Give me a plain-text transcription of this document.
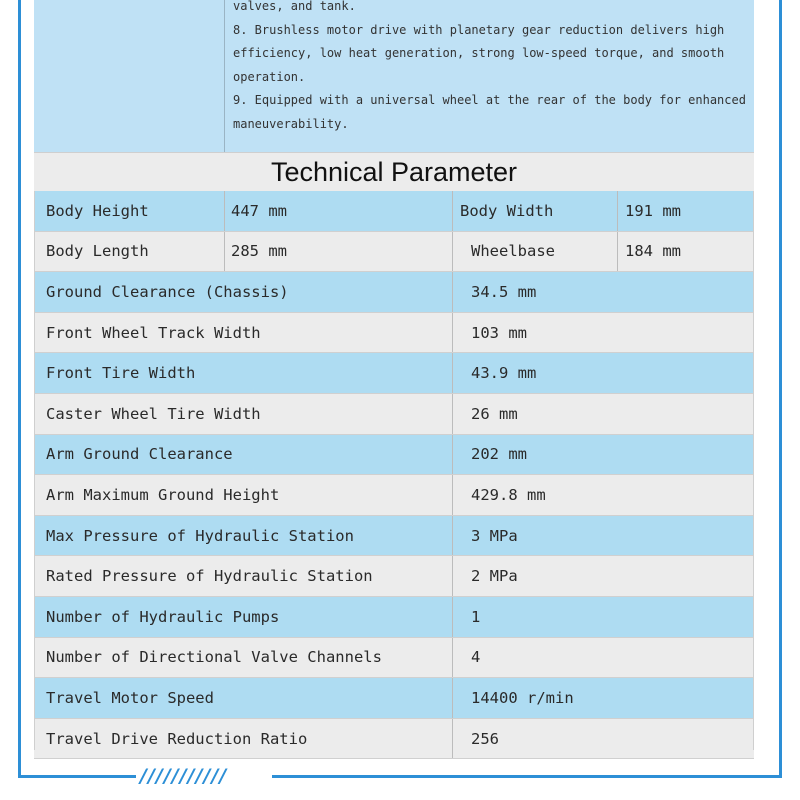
valves, and tank.
8. Brushless motor drive with planetary gear reduction delivers high efficiency, low heat generation, strong low-speed torque, and smooth operation.
9. Equipped with a universal wheel at the rear of the body for enhanced maneuverability.
Technical Parameter
Body Height	447 mm	Body Width	191 mm
Body Length	285 mm	Wheelbase	184 mm
Ground Clearance (Chassis)	34.5 mm
Front Wheel Track Width	103 mm
Front Tire Width	43.9 mm
Caster Wheel Tire Width	26 mm
Arm Ground Clearance	202 mm
Arm Maximum Ground Height	429.8 mm
Max Pressure of Hydraulic Station	3 MPa
Rated Pressure of Hydraulic Station	2 MPa
Number of Hydraulic Pumps	1
Number of Directional Valve Channels	4
Travel Motor Speed	14400 r/min
Travel Drive Reduction Ratio	256
///////////
